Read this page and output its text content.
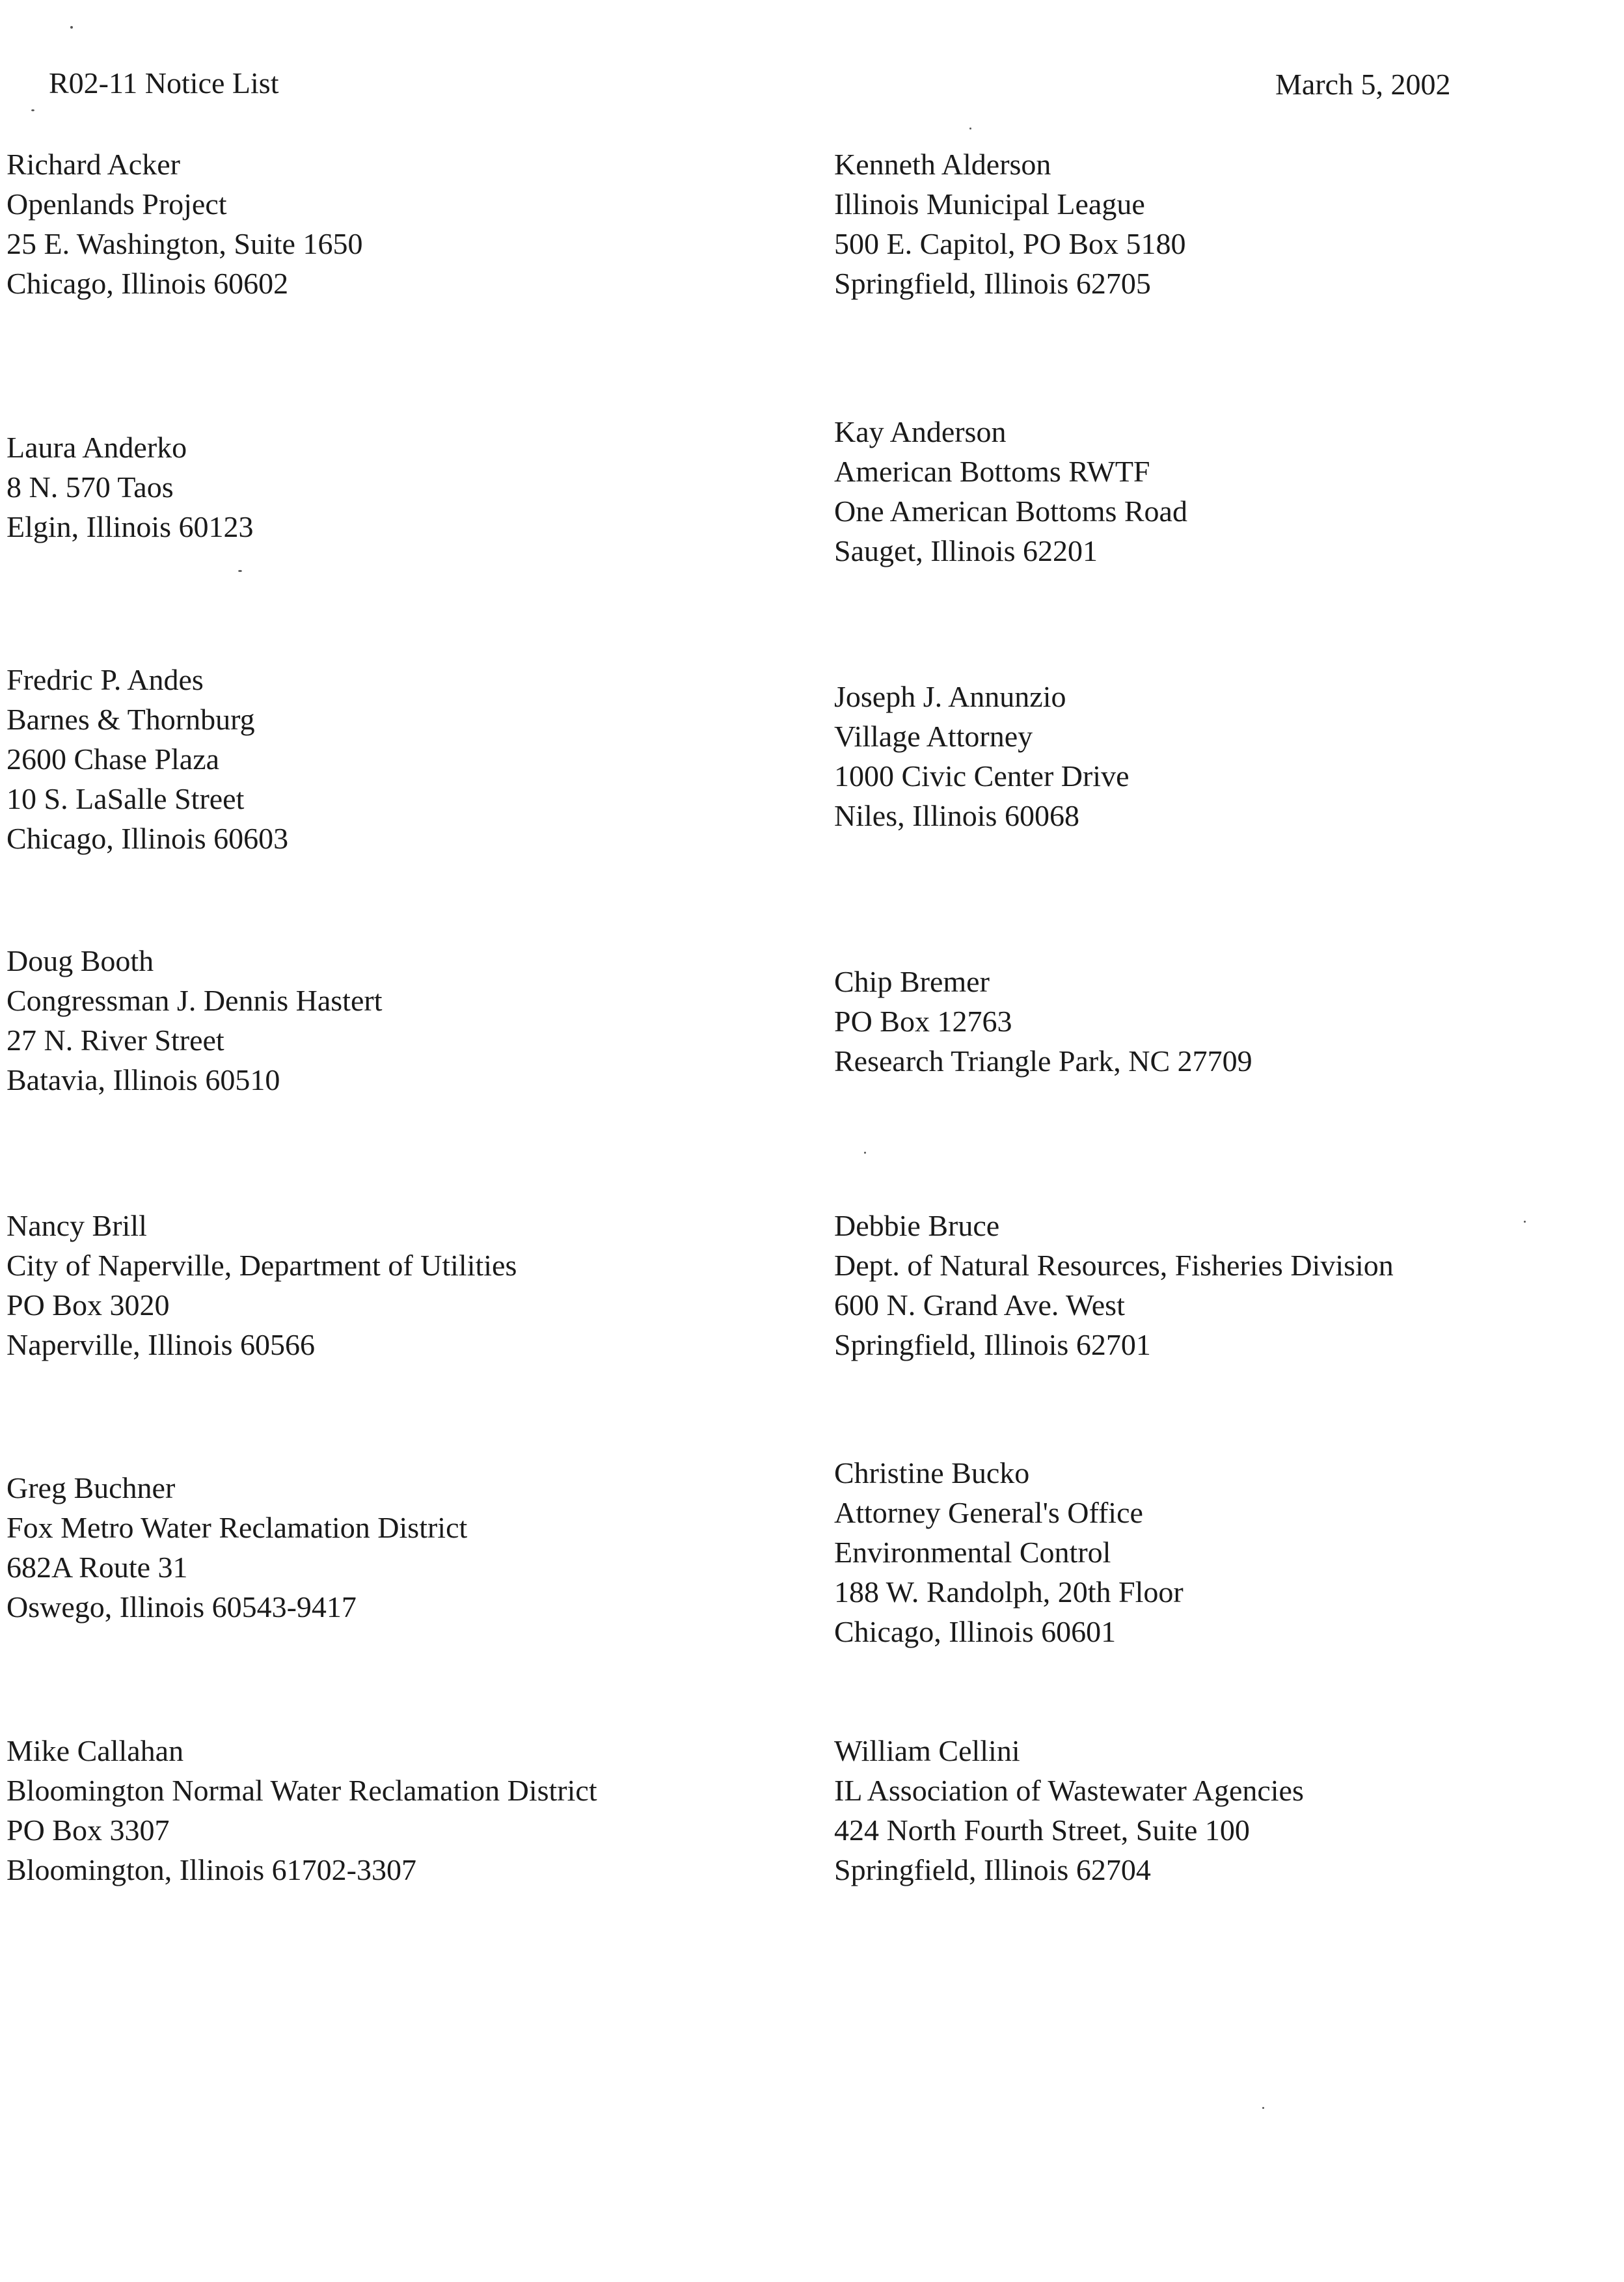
R02-11 Notice List	March 5, 2002
Richard Acker
Openlands Project
25 E. Washington, Suite 1650
Chicago, Illinois 60602
Laura Anderko
8 N. 570 Taos
Elgin, Illinois 60123
Fredric P. Andes
Barnes & Thornburg
2600 Chase Plaza
10 S. LaSalle Street
Chicago, Illinois 60603
Doug Booth
Congressman J. Dennis Hastert
27 N. River Street
Batavia, Illinois 60510
Nancy Brill
City of Naperville, Department of Utilities
PO Box 3020
Naperville, Illinois 60566
Greg Buchner
Fox Metro Water Reclamation District
682A Route 31
Oswego, Illinois 60543-9417
Mike Callahan
Bloomington Normal Water Reclamation District
PO Box 3307
Bloomington, Illinois 61702-3307
Kenneth Alderson
Illinois Municipal League
500 E. Capitol, PO Box 5180
Springfield, Illinois 62705
Kay Anderson
American Bottoms RWTF
One American Bottoms Road
Sauget, Illinois 62201
Joseph J. Annunzio
Village Attorney
1000 Civic Center Drive
Niles, Illinois 60068
Chip Bremer
PO Box 12763
Research Triangle Park, NC 27709
Debbie Bruce
Dept. of Natural Resources, Fisheries Division
600 N. Grand Ave. West
Springfield, Illinois 62701
Christine Bucko
Attorney General's Office
Environmental Control
188 W. Randolph, 20th Floor
Chicago, Illinois 60601
William Cellini
IL Association of Wastewater Agencies
424 North Fourth Street, Suite 100
Springfield, Illinois 62704
